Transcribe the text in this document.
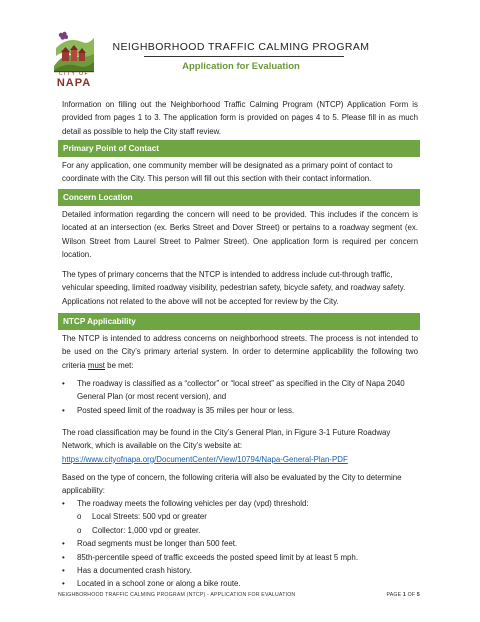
CITY OF
NAPA
NEIGHBORHOOD TRAFFIC CALMING PROGRAM
Application for Evaluation

Information on filling out the Neighborhood Traffic Calming Program (NTCP) Application Form is provided from pages 1 to 3. The application form is provided on pages 4 to 5. Please fill in as much detail as possible to help the City staff review.

Primary Point of Contact

For any application, one community member will be designated as a primary point of contact to coordinate with the City. This person will fill out this section with their contact information.

Concern Location

Detailed information regarding the concern will need to be provided. This includes if the concern is located at an intersection (ex. Berks Street and Dover Street) or pertains to a roadway segment (ex. Wilson Street from Laurel Street to Palmer Street). One application form is required per concern location.

The types of primary concerns that the NTCP is intended to address include cut-through traffic, vehicular speeding, limited roadway visibility, pedestrian safety, bicycle safety, and roadway safety. Applications not related to the above will not be accepted for review by the City.

NTCP Applicability

The NTCP is intended to address concerns on neighborhood streets. The process is not intended to be used on the City’s primary arterial system. In order to determine applicability the following two criteria must be met:

• The roadway is classified as a “collector” or “local street” as specified in the City of Napa 2040 General Plan (or most recent version), and
• Posted speed limit of the roadway is 35 miles per hour or less.

The road classification may be found in the City’s General Plan, in Figure 3-1 Future Roadway Network, which is available on the City’s website at:
https://www.cityofnapa.org/DocumentCenter/View/10794/Napa-General-Plan-PDF

Based on the type of concern, the following criteria will also be evaluated by the City to determine applicability:

• The roadway meets the following vehicles per day (vpd) threshold:
o Local Streets: 500 vpd or greater
o Collector: 1,000 vpd or greater.
• Road segments must be longer than 500 feet.
• 85th-percentile speed of traffic exceeds the posted speed limit by at least 5 mph.
• Has a documented crash history.
• Located in a school zone or along a bike route.
NEIGHBORHOOD TRAFFIC CALMING PROGRAM (NTCP) - APPLICATION FOR EVALUATION	PAGE 1 OF 5
